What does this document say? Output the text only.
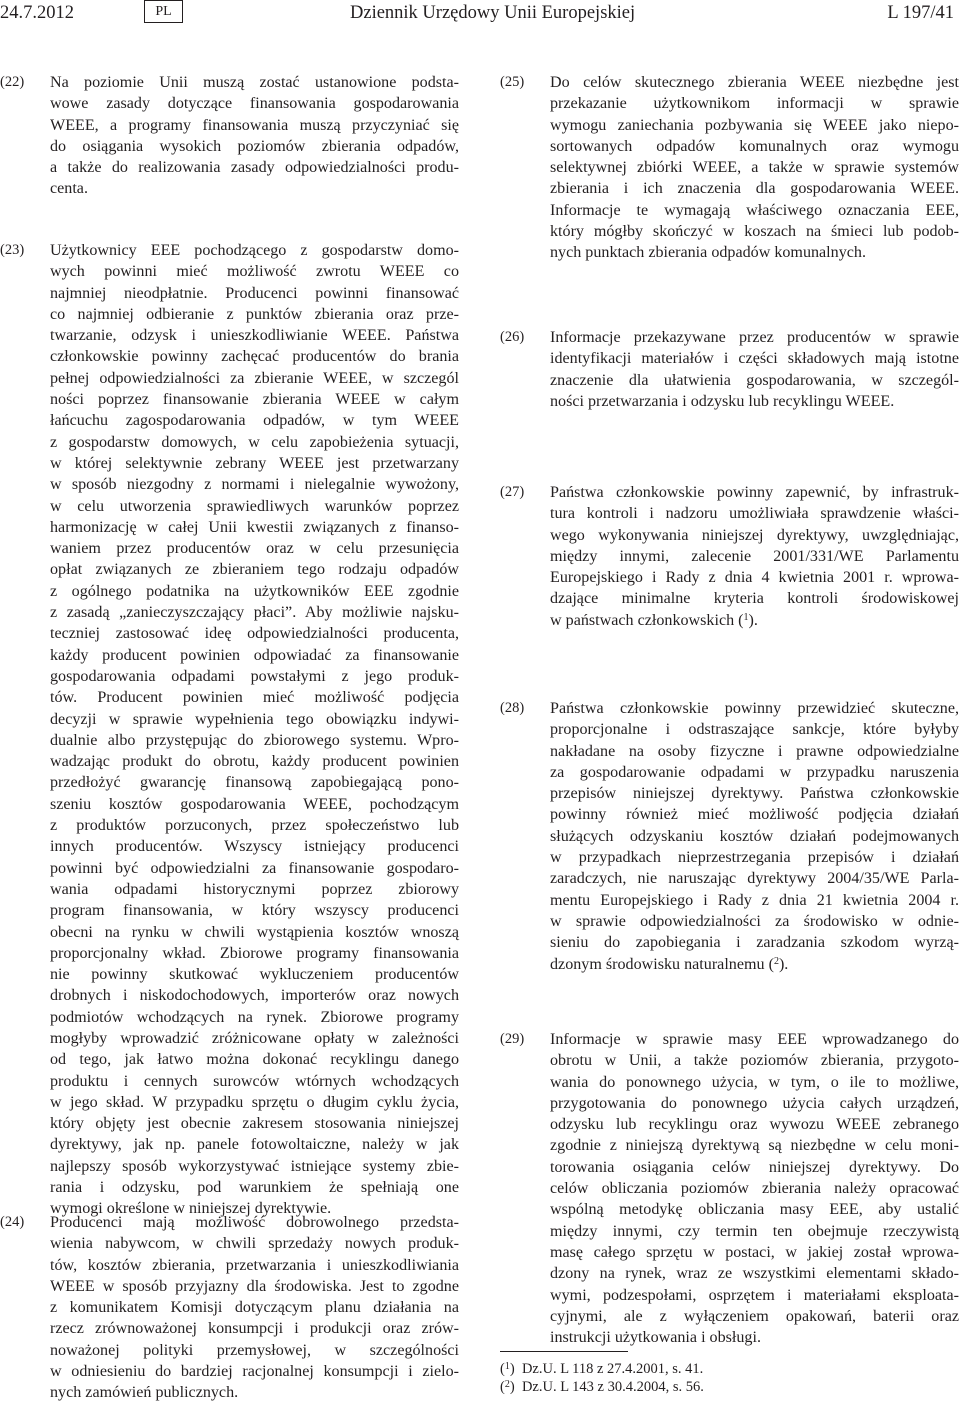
24.7.2012	PL	Dziennik Urzędowy Unii Europejskiej	L 197/41
(22) Na poziomie Unii muszą zostać ustanowione podsta-
wowe zasady dotyczące finansowania gospodarowania
WEEE, a programy finansowania muszą przyczyniać się
do osiągania wysokich poziomów zbierania odpadów,
a także do realizowania zasady odpowiedzialności produ-
centa.
(23) Użytkownicy EEE pochodzącego z gospodarstw domo-
wych powinni mieć możliwość zwrotu WEEE co
najmniej nieodpłatnie. Producenci powinni finansować
co najmniej odbieranie z punktów zbierania oraz prze-
twarzanie, odzysk i unieszkodliwianie WEEE. Państwa
członkowskie powinny zachęcać producentów do brania
pełnej odpowiedzialności za zbieranie WEEE, w szczegól
ności poprzez finansowanie zbierania WEEE w całym
łańcuchu zagospodarowania odpadów, w tym WEEE
z gospodarstw domowych, w celu zapobieżenia sytuacji,
w której selektywnie zebrany WEEE jest przetwarzany
w sposób niezgodny z normami i nielegalnie wywożony,
w celu utworzenia sprawiedliwych warunków poprzez
harmonizację w całej Unii kwestii związanych z finanso-
waniem przez producentów oraz w celu przesunięcia
opłat związanych ze zbieraniem tego rodzaju odpadów
z ogólnego podatnika na użytkowników EEE zgodnie
z zasadą „zanieczyszczający płaci”. Aby możliwie najsku-
teczniej zastosować ideę odpowiedzialności producenta,
każdy producent powinien odpowiadać za finansowanie
gospodarowania odpadami powstałymi z jego produk-
tów. Producent powinien mieć możliwość podjęcia
decyzji w sprawie wypełnienia tego obowiązku indywi-
dualnie albo przystępując do zbiorowego systemu. Wpro-
wadzając produkt do obrotu, każdy producent powinien
przedłożyć gwarancję finansową zapobiegającą pono-
szeniu kosztów gospodarowania WEEE, pochodzącym
z produktów porzuconych, przez społeczeństwo lub
innych producentów. Wszyscy istniejący producenci
powinni być odpowiedzialni za finansowanie gospodaro-
wania odpadami historycznymi poprzez zbiorowy
program finansowania, w który wszyscy producenci
obecni na rynku w chwili wystąpienia kosztów wnoszą
proporcjonalny wkład. Zbiorowe programy finansowania
nie powinny skutkować wykluczeniem producentów
drobnych i niskodochodowych, importerów oraz nowych
podmiotów wchodzących na rynek. Zbiorowe programy
mogłyby wprowadzić zróżnicowane opłaty w zależności
od tego, jak łatwo można dokonać recyklingu danego
produktu i cennych surowców wtórnych wchodzących
w jego skład. W przypadku sprzętu o długim cyklu życia,
który objęty jest obecnie zakresem stosowania niniejszej
dyrektywy, jak np. panele fotowoltaiczne, należy w jak
najlepszy sposób wykorzystywać istniejące systemy zbie-
rania i odzysku, pod warunkiem że spełniają one
wymogi określone w niniejszej dyrektywie.
(24) Producenci mają możliwość dobrowolnego przedsta-
wienia nabywcom, w chwili sprzedaży nowych produk-
tów, kosztów zbierania, przetwarzania i unieszkodliwiania
WEEE w sposób przyjazny dla środowiska. Jest to zgodne
z komunikatem Komisji dotyczącym planu działania na
rzecz zrównoważonej konsumpcji i produkcji oraz zrów-
noważonej polityki przemysłowej, w szczególności
w odniesieniu do bardziej racjonalnej konsumpcji i zielo-
nych zamówień publicznych.
(25) Do celów skutecznego zbierania WEEE niezbędne jest
przekazanie użytkownikom informacji w sprawie
wymogu zaniechania pozbywania się WEEE jako niepo-
sortowanych odpadów komunalnych oraz wymogu
selektywnej zbiórki WEEE, a także w sprawie systemów
zbierania i ich znaczenia dla gospodarowania WEEE.
Informacje te wymagają właściwego oznaczania EEE,
który mógłby skończyć w koszach na śmieci lub podob-
nych punktach zbierania odpadów komunalnych.
(26) Informacje przekazywane przez producentów w sprawie
identyfikacji materiałów i części składowych mają istotne
znaczenie dla ułatwienia gospodarowania, w szczegól-
ności przetwarzania i odzysku lub recyklingu WEEE.
(27) Państwa członkowskie powinny zapewnić, by infrastruk-
tura kontroli i nadzoru umożliwiała sprawdzenie właści-
wego wykonywania niniejszej dyrektywy, uwzględniając,
między innymi, zalecenie 2001/331/WE Parlamentu
Europejskiego i Rady z dnia 4 kwietnia 2001 r. wprowa-
dzające minimalne kryteria kontroli środowiskowej
w państwach członkowskich ($^1$).
(28) Państwa członkowskie powinny przewidzieć skuteczne,
proporcjonalne i odstraszające sankcje, które byłyby
nakładane na osoby fizyczne i prawne odpowiedzialne
za gospodarowanie odpadami w przypadku naruszenia
przepisów niniejszej dyrektywy. Państwa członkowskie
powinny również mieć możliwość podjęcia działań
służących odzyskaniu kosztów działań podejmowanych
w przypadkach nieprzestrzegania przepisów i działań
zaradczych, nie naruszając dyrektywy 2004/35/WE Parla-
mentu Europejskiego i Rady z dnia 21 kwietnia 2004 r.
w sprawie odpowiedzialności za środowisko w odnie-
sieniu do zapobiegania i zaradzania szkodom wyrzą-
dzonym środowisku naturalnemu ($^2$).
(29) Informacje w sprawie masy EEE wprowadzanego do
obrotu w Unii, a także poziomów zbierania, przygoto-
wania do ponownego użycia, w tym, o ile to możliwe,
przygotowania do ponownego użycia całych urządzeń,
odzysku lub recyklingu oraz wywozu WEEE zebranego
zgodnie z niniejszą dyrektywą są niezbędne w celu moni-
torowania osiągania celów niniejszej dyrektywy. Do
celów obliczania poziomów zbierania należy opracować
wspólną metodykę obliczania masy EEE, aby ustalić
między innymi, czy termin ten obejmuje rzeczywistą
masę całego sprzętu w postaci, w jakiej został wprowa-
dzony na rynek, wraz ze wszystkimi elementami składo-
wymi, podzespołami, osprzętem i materiałami eksploata-
cyjnymi, ale z wyłączeniem opakowań, baterii oraz
instrukcji użytkowania i obsługi.
($^1$)  Dz.U. L 118 z 27.4.2001, s. 41.
($^2$)  Dz.U. L 143 z 30.4.2004, s. 56.
